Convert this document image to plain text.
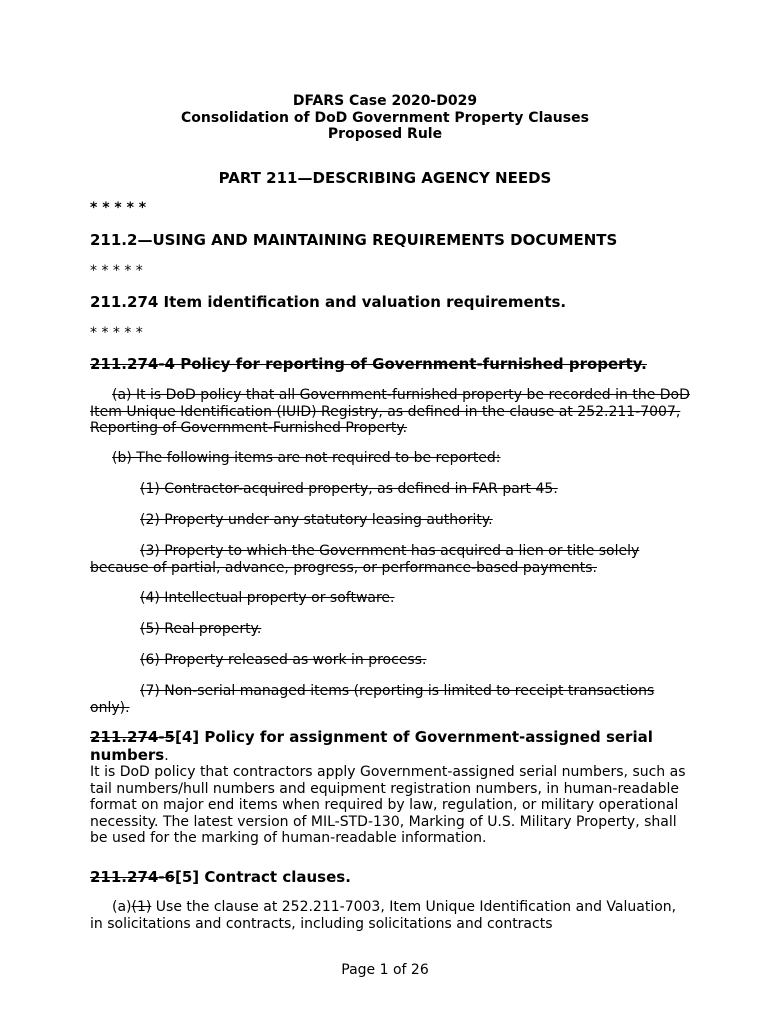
DFARS Case 2020-D029
Consolidation of DoD Government Property Clauses
Proposed Rule
PART 211—DESCRIBING AGENCY NEEDS
* * * * *
211.2—USING AND MAINTAINING REQUIREMENTS DOCUMENTS
* * * * *
211.274 Item identification and valuation requirements.
* * * * *
211.274-4 Policy for reporting of Government-furnished property.
(a) It is DoD policy that all Government-furnished property be recorded in the DoD Item Unique Identification (IUID) Registry, as defined in the clause at 252.211-7007, Reporting of Government-Furnished Property.
(b) The following items are not required to be reported:
(1) Contractor-acquired property, as defined in FAR part 45.
(2) Property under any statutory leasing authority.
(3) Property to which the Government has acquired a lien or title solely because of partial, advance, progress, or performance-based payments.
(4) Intellectual property or software.
(5) Real property.
(6) Property released as work in process.
(7) Non-serial managed items (reporting is limited to receipt transactions only).
211.274-5[4] Policy for assignment of Government-assigned serial numbers.
It is DoD policy that contractors apply Government-assigned serial numbers, such as tail numbers/hull numbers and equipment registration numbers, in human-readable format on major end items when required by law, regulation, or military operational necessity. The latest version of MIL-STD-130, Marking of U.S. Military Property, shall be used for the marking of human-readable information.
211.274-6[5] Contract clauses.
(a)(1) Use the clause at 252.211-7003, Item Unique Identification and Valuation, in solicitations and contracts, including solicitations and contracts
Page 1 of 26
